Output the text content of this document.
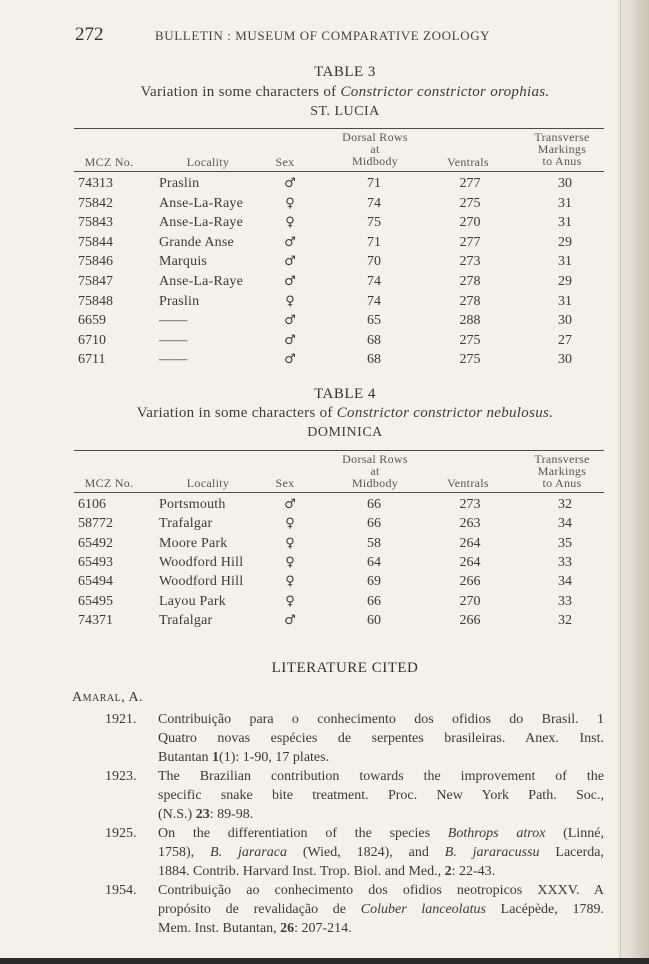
272	BULLETIN : MUSEUM OF COMPARATIVE ZOOLOGY
TABLE 3
Variation in some characters of Constrictor constrictor orophias.
ST. LUCIA
MCZ No.	Locality	Sex
Dorsal Rows
at
Midbody	Ventrals
Transverse
Markings
to Anus
74313	Praslin	♂	71	277	30
75842	Anse-La-Raye	♀	74	275	31
75843	Anse-La-Raye	♀	75	270	31
75844	Grande Anse	♂	71	277	29
75846	Marquis	♂	70	273	31
75847	Anse-La-Raye	♂	74	278	29
75848	Praslin	♀	74	278	31
6659	——	♂	65	288	30
6710	——	♂	68	275	27
6711	——	♂	68	275	30
TABLE 4
Variation in some characters of Constrictor constrictor nebulosus.
DOMINICA
MCZ No.	Locality	Sex
Dorsal Rows
at
Midbody	Ventrals
Transverse
Markings
to Anus
6106	Portsmouth	♂	66	273	32
58772	Trafalgar	♀	66	263	34
65492	Moore Park	♀	58	264	35
65493	Woodford Hill	♀	64	264	33
65494	Woodford Hill	♀	69	266	34
65495	Layou Park	♀	66	270	33
74371	Trafalgar	♂	60	266	32
LITERATURE CITED
Amaral, A.
1921. Contribuição para o conhecimento dos ofidios do Brasil. 1
Quatro novas espécies de serpentes brasileiras. Anex. Inst.
Butantan 1(1): 1-90, 17 plates.
1923. The Brazilian contribution towards the improvement of the
specific snake bite treatment. Proc. New York Path. Soc.,
(N.S.) 23: 89-98.
1925. On the differentiation of the species Bothrops atrox (Linné,
1758), B. jararaca (Wied, 1824), and B. jararacussu Lacerda,
1884. Contrib. Harvard Inst. Trop. Biol. and Med., 2: 22-43.
1954. Contribuição ao conhecimento dos ofidios neotropicos XXXV. A
propósito de revalidação de Coluber lanceolatus Lacépède, 1789.
Mem. Inst. Butantan, 26: 207-214.
